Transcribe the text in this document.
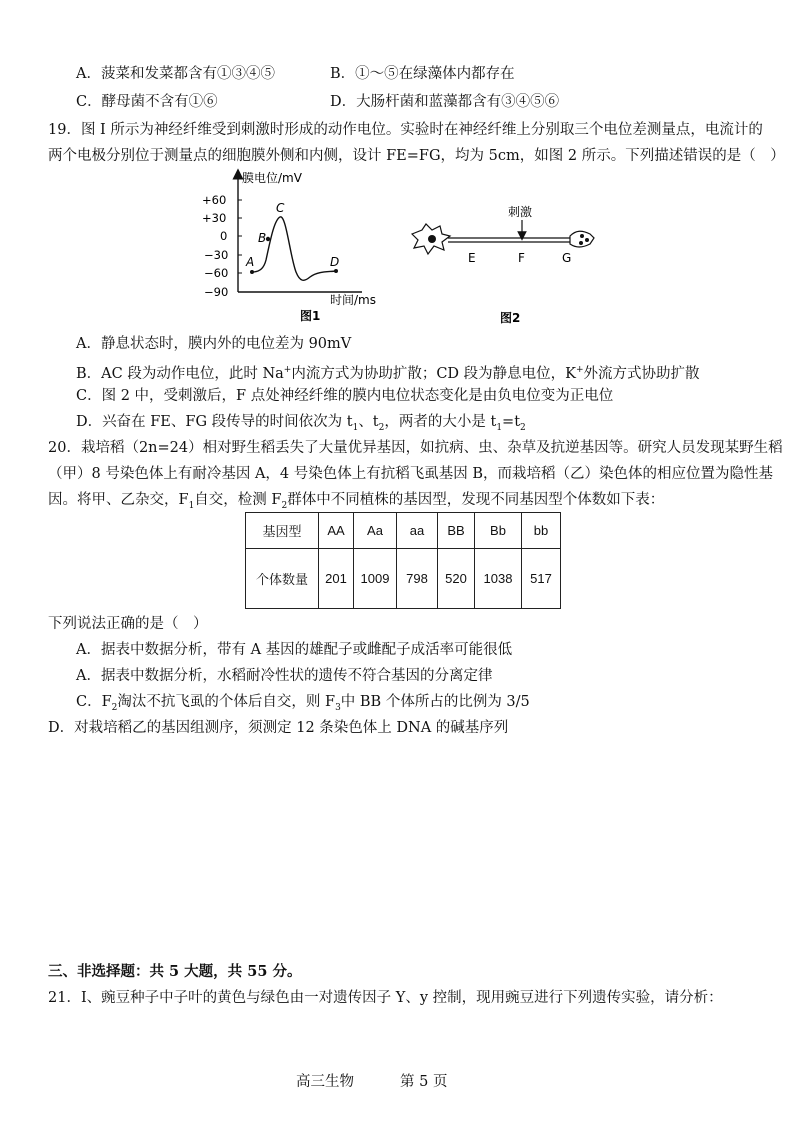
A．菠菜和发菜都含有①③④⑤	B．①～⑤在绿藻体内都存在
C．酵母菌不含有①⑥	D．大肠杆菌和蓝藻都含有③④⑤⑥
19．图 I 所示为神经纤维受到刺激时形成的动作电位。实验时在神经纤维上分别取三个电位差测量点，电流计的
两个电极分别位于测量点的细胞膜外侧和内侧，设计 FE=FG，均为 5cm，如图 2 所示。下列描述错误的是（　）
+60
+30
0
−30
−60
−90
膜电位/mV
时间/ms
A
B
C
D
图1
刺激
E	F	G
图2
A．静息状态时，膜内外的电位差为 90mV
B．AC 段为动作电位，此时 Na+内流方式为协助扩散；CD 段为静息电位，K+外流方式协助扩散
C．图 2 中，受刺激后，F 点处神经纤维的膜内电位状态变化是由负电位变为正电位
D．兴奋在 FE、FG 段传导的时间依次为 $t_1$、$t_2$，两者的大小是 $t_1=t_2$
20．栽培稻（2n=24）相对野生稻丢失了大量优异基因，如抗病、虫、杂草及抗逆基因等。研究人员发现某野生稻
（甲）8 号染色体上有耐冷基因 A，4 号染色体上有抗稻飞虱基因 B，而栽培稻（乙）染色体的相应位置为隐性基
因。将甲、乙杂交，$F_1$自交，检测 $F_2$群体中不同植株的基因型，发现不同基因型个体数如下表：
基因型	AA	Aa	aa	BB	Bb	bb
个体数量	201	1009	798	520	1038	517
下列说法正确的是（　）
A．据表中数据分析，带有 A 基因的雄配子或雌配子成活率可能很低
A．据表中数据分析，水稻耐冷性状的遗传不符合基因的分离定律
C．$F_2$淘汰不抗飞虱的个体后自交，则 $F_3$中 BB 个体所占的比例为 3/5
D．对栽培稻乙的基因组测序，须测定 12 条染色体上 DNA 的碱基序列
三、非选择题：共 5 大题，共 55 分。
21．Ⅰ、豌豆种子中子叶的黄色与绿色由一对遗传因子 Y、y 控制，现用豌豆进行下列遗传实验，请分析：
高三生物	第 5 页
